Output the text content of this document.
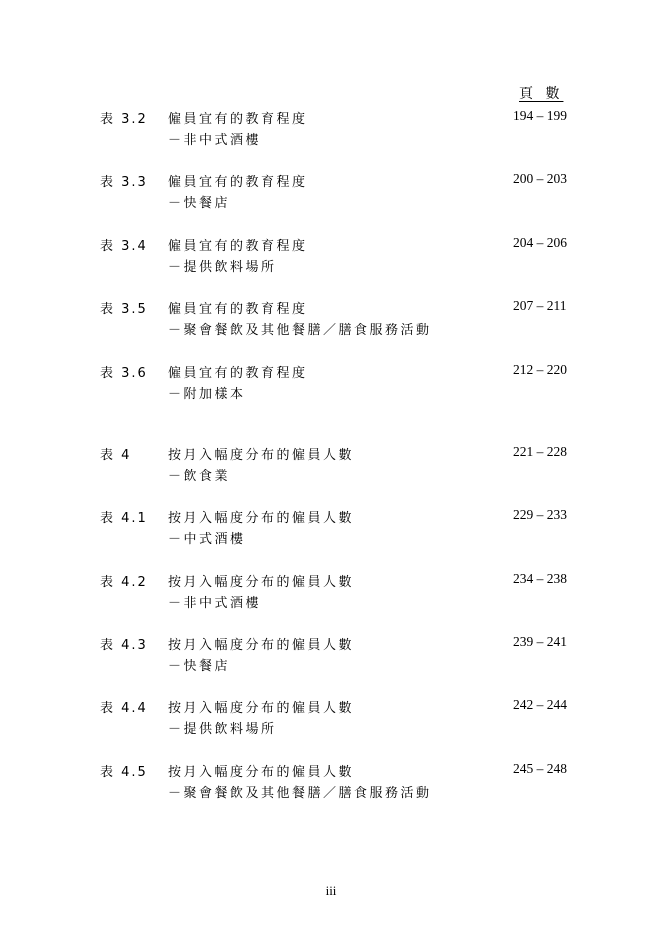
頁 數
表 3.2 僱員宜有的教育程度
－非中式酒樓
194 – 199
表 3.3 僱員宜有的教育程度
－快餐店
200 – 203
表 3.4 僱員宜有的教育程度
－提供飲料場所
204 – 206
表 3.5 僱員宜有的教育程度
－聚會餐飲及其他餐膳／膳食服務活動
207 – 211
表 3.6 僱員宜有的教育程度
－附加樣本
212 – 220
表 4	按月入幅度分布的僱員人數
－飲食業
221 – 228
表 4.1 按月入幅度分布的僱員人數
－中式酒樓
229 – 233
表 4.2 按月入幅度分布的僱員人數
－非中式酒樓
234 – 238
表 4.3 按月入幅度分布的僱員人數
－快餐店
239 – 241
表 4.4 按月入幅度分布的僱員人數
－提供飲料場所
242 – 244
表 4.5 按月入幅度分布的僱員人數
－聚會餐飲及其他餐膳／膳食服務活動
245 – 248
iii
